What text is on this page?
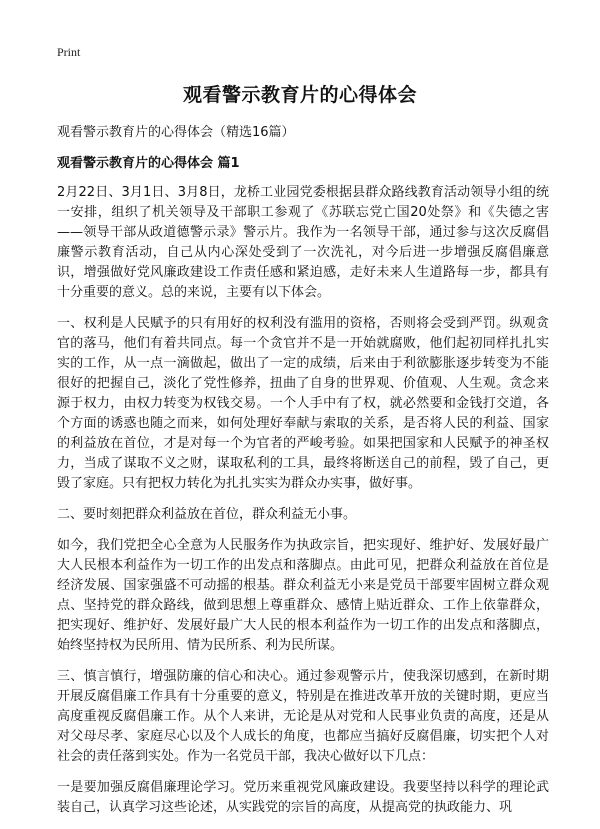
Print
观看警示教育片的心得体会
观看警示教育片的心得体会（精选16篇）
观看警示教育片的心得体会 篇1

2月22日、3月1日、3月8日，龙桥工业园党委根据县群众路线教育活动领导小组的统一安排，组织了机关领导及干部职工参观了《苏联忘党亡国20处祭》和《失德之害——领导干部从政道德警示录》警示片。我作为一名领导干部，通过参与这次反腐倡廉警示教育活动，自己从内心深处受到了一次洗礼，对今后进一步增强反腐倡廉意识，增强做好党风廉政建设工作责任感和紧迫感，走好未来人生道路每一步，都具有十分重要的意义。总的来说，主要有以下体会。

一、权利是人民赋予的只有用好的权利没有滥用的资格，否则将会受到严罚。纵观贪官的落马，他们有着共同点。每一个贪官并不是一开始就腐败，他们起初同样扎扎实实的工作，从一点一滴做起，做出了一定的成绩，后来由于利欲膨胀逐步转变为不能很好的把握自己，淡化了党性修养，扭曲了自身的世界观、价值观、人生观。贪念来源于权力，由权力转变为权钱交易。一个人手中有了权，就必然要和金钱打交道，各个方面的诱惑也随之而来，如何处理好奉献与索取的关系，是否将人民的利益、国家的利益放在首位，才是对每一个为官者的严峻考验。如果把国家和人民赋予的神圣权力，当成了谋取不义之财，谋取私利的工具，最终将断送自己的前程，毁了自己，更毁了家庭。只有把权力转化为扎扎实实为群众办实事，做好事。

二、要时刻把群众利益放在首位，群众利益无小事。

如今，我们党把全心全意为人民服务作为执政宗旨，把实现好、维护好、发展好最广大人民根本利益作为一切工作的出发点和落脚点。由此可见，把群众利益放在首位是经济发展、国家强盛不可动摇的根基。群众利益无小来是党员干部要牢固树立群众观点、坚持党的群众路线，做到思想上尊重群众、感情上贴近群众、工作上依靠群众，把实现好、维护好、发展好最广大人民的根本利益作为一切工作的出发点和落脚点，始终坚持权为民所用、情为民所系、利为民所谋。

三、慎言慎行，增强防廉的信心和决心。通过参观警示片，使我深切感到，在新时期开展反腐倡廉工作具有十分重要的意义，特别是在推进改革开放的关键时期，更应当高度重视反腐倡廉工作。从个人来讲，无论是从对党和人民事业负责的高度，还是从对父母尽孝、家庭尽心以及个人成长的角度，也都应当搞好反腐倡廉，切实把个人对社会的责任落到实处。作为一名党员干部，我决心做好以下几点：

一是要加强反腐倡廉理论学习。党历来重视党风廉政建设。我要坚持以科学的理论武装自己，认真学习这些论述，从实践党的宗旨的高度，从提高党的执政能力、巩
